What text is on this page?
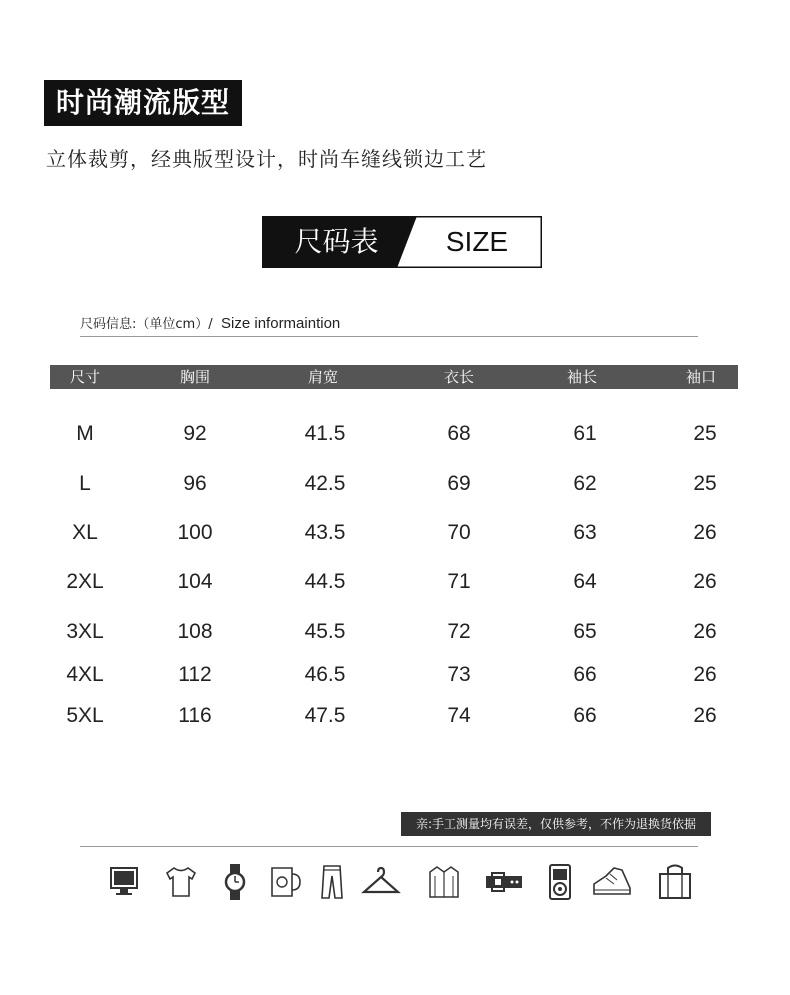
时尚潮流版型
立体裁剪，经典版型设计，时尚车缝线锁边工艺
尺码表	SIZE
尺码信息:（单位cm）/ Size informaintion
尺寸	胸围	肩宽	衣长	袖长	袖口
M	92	41.5	68	61	25
L	96	42.5	69	62	25
XL	100	43.5	70	63	26
2XL	104	44.5	71	64	26
3XL	108	45.5	72	65	26
4XL	112	46.5	73	66	26
5XL	116	47.5	74	66	26
亲:手工测量均有误差，仅供参考，不作为退换货依据
